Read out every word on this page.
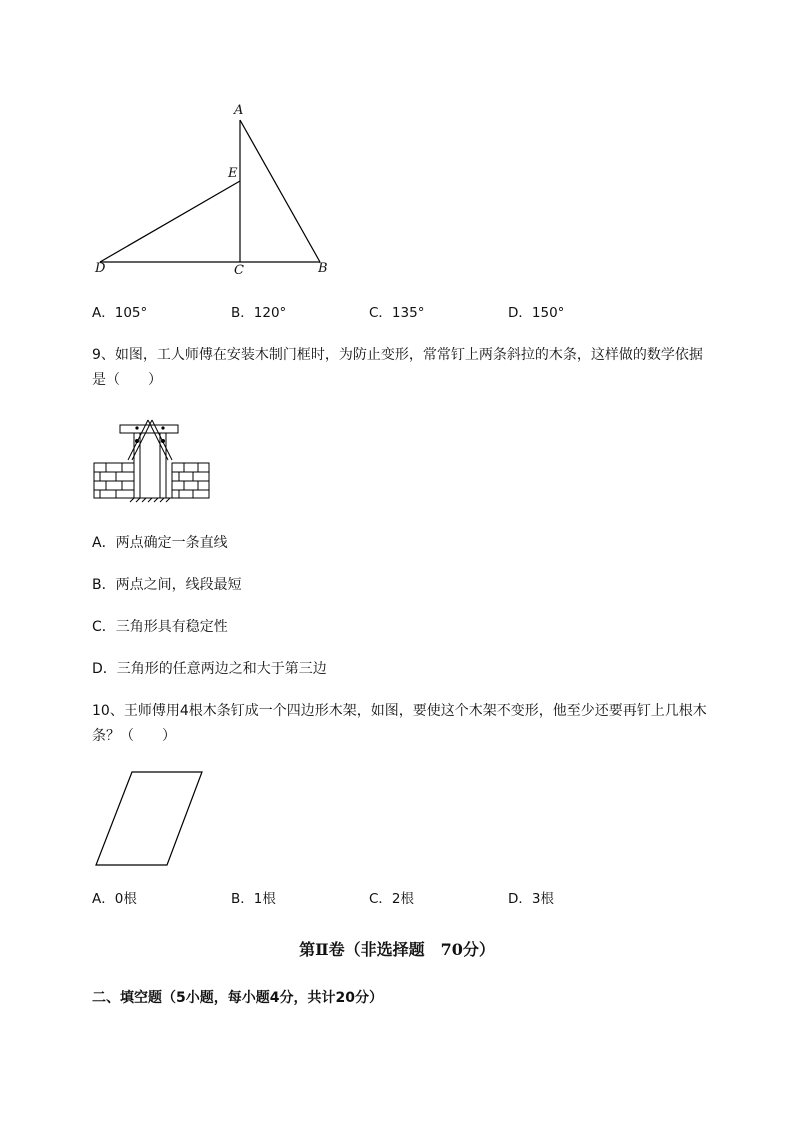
A
E
D	C	B
A．105°	B．120°	C．135°	D．150°
9、如图，工人师傅在安装木制门框时，为防止变形，常常钉上两条斜拉的木条，这样做的数学依据
是（　　）
A．两点确定一条直线
B．两点之间，线段最短
C．三角形具有稳定性
D．三角形的任意两边之和大于第三边
10、王师傅用4根木条钉成一个四边形木架，如图，要使这个木架不变形，他至少还要再钉上几根木
条？（　　）
A．0根	B．1根	C．2根	D．3根
第Ⅱ卷（非选择题　70分）
二、填空题（5小题，每小题4分，共计20分）
